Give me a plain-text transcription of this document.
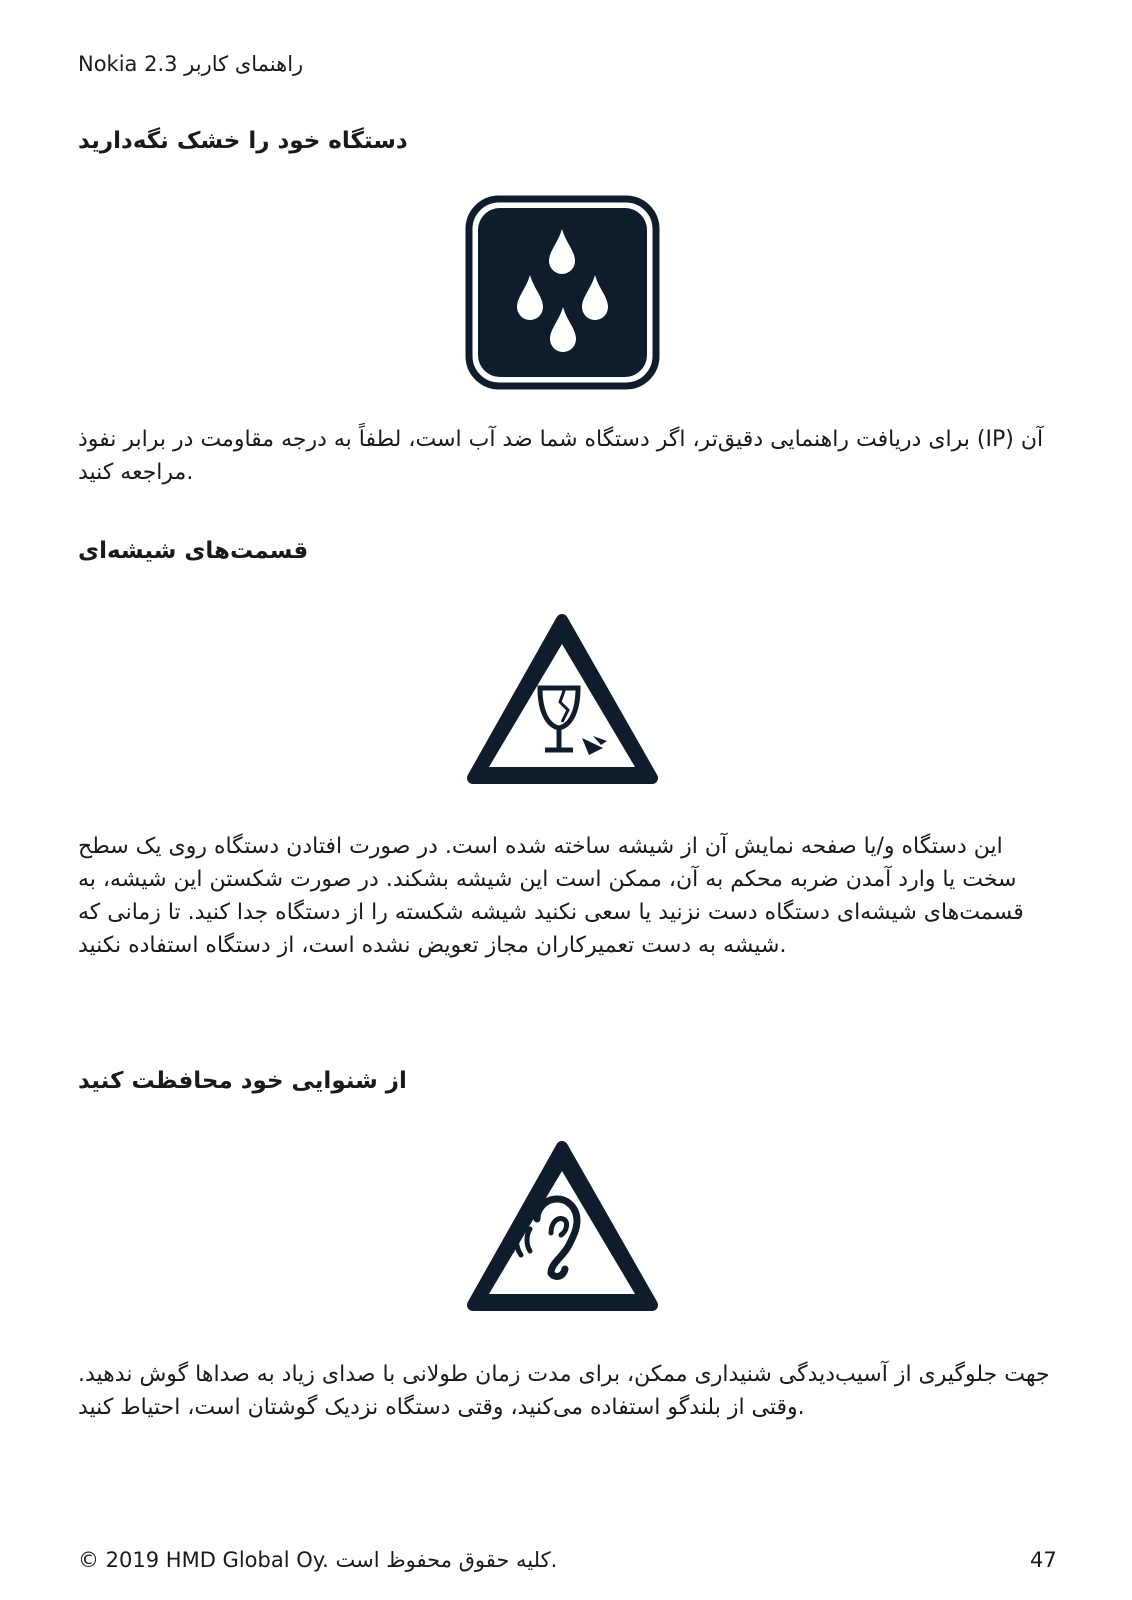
Nokia 2.3 راهنمای کاربر
دستگاه خود را خشک نگه‌دارید

برای دریافت راهنمایی دقیق‌تر، اگر دستگاه شما ضد آب است، لطفاً به درجه مقاومت در برابر نفوذ (IP) آن مراجعه کنید.

قسمت‌های شیشه‌ای

این دستگاه و/یا صفحه نمایش آن از شیشه ساخته شده است. در صورت افتادن دستگاه روی یک سطح سخت یا وارد آمدن ضربه محکم به آن، ممکن است این شیشه بشکند. در صورت شکستن این شیشه، به قسمت‌های شیشه‌ای دستگاه دست نزنید یا سعی نکنید شیشه شکسته را از دستگاه جدا کنید. تا زمانی که شیشه به دست تعمیرکاران مجاز تعویض نشده است، از دستگاه استفاده نکنید.

از شنوایی خود محافظت کنید

جهت جلوگیری از آسیب‌دیدگی شنیداری ممکن، برای مدت زمان طولانی با صدای زیاد به صداها گوش ندهید. وقتی از بلندگو استفاده می‌کنید، وقتی دستگاه نزدیک گوشتان است، احتیاط کنید.

© 2019 HMD Global Oy. کلیه حقوق محفوظ است.	47
